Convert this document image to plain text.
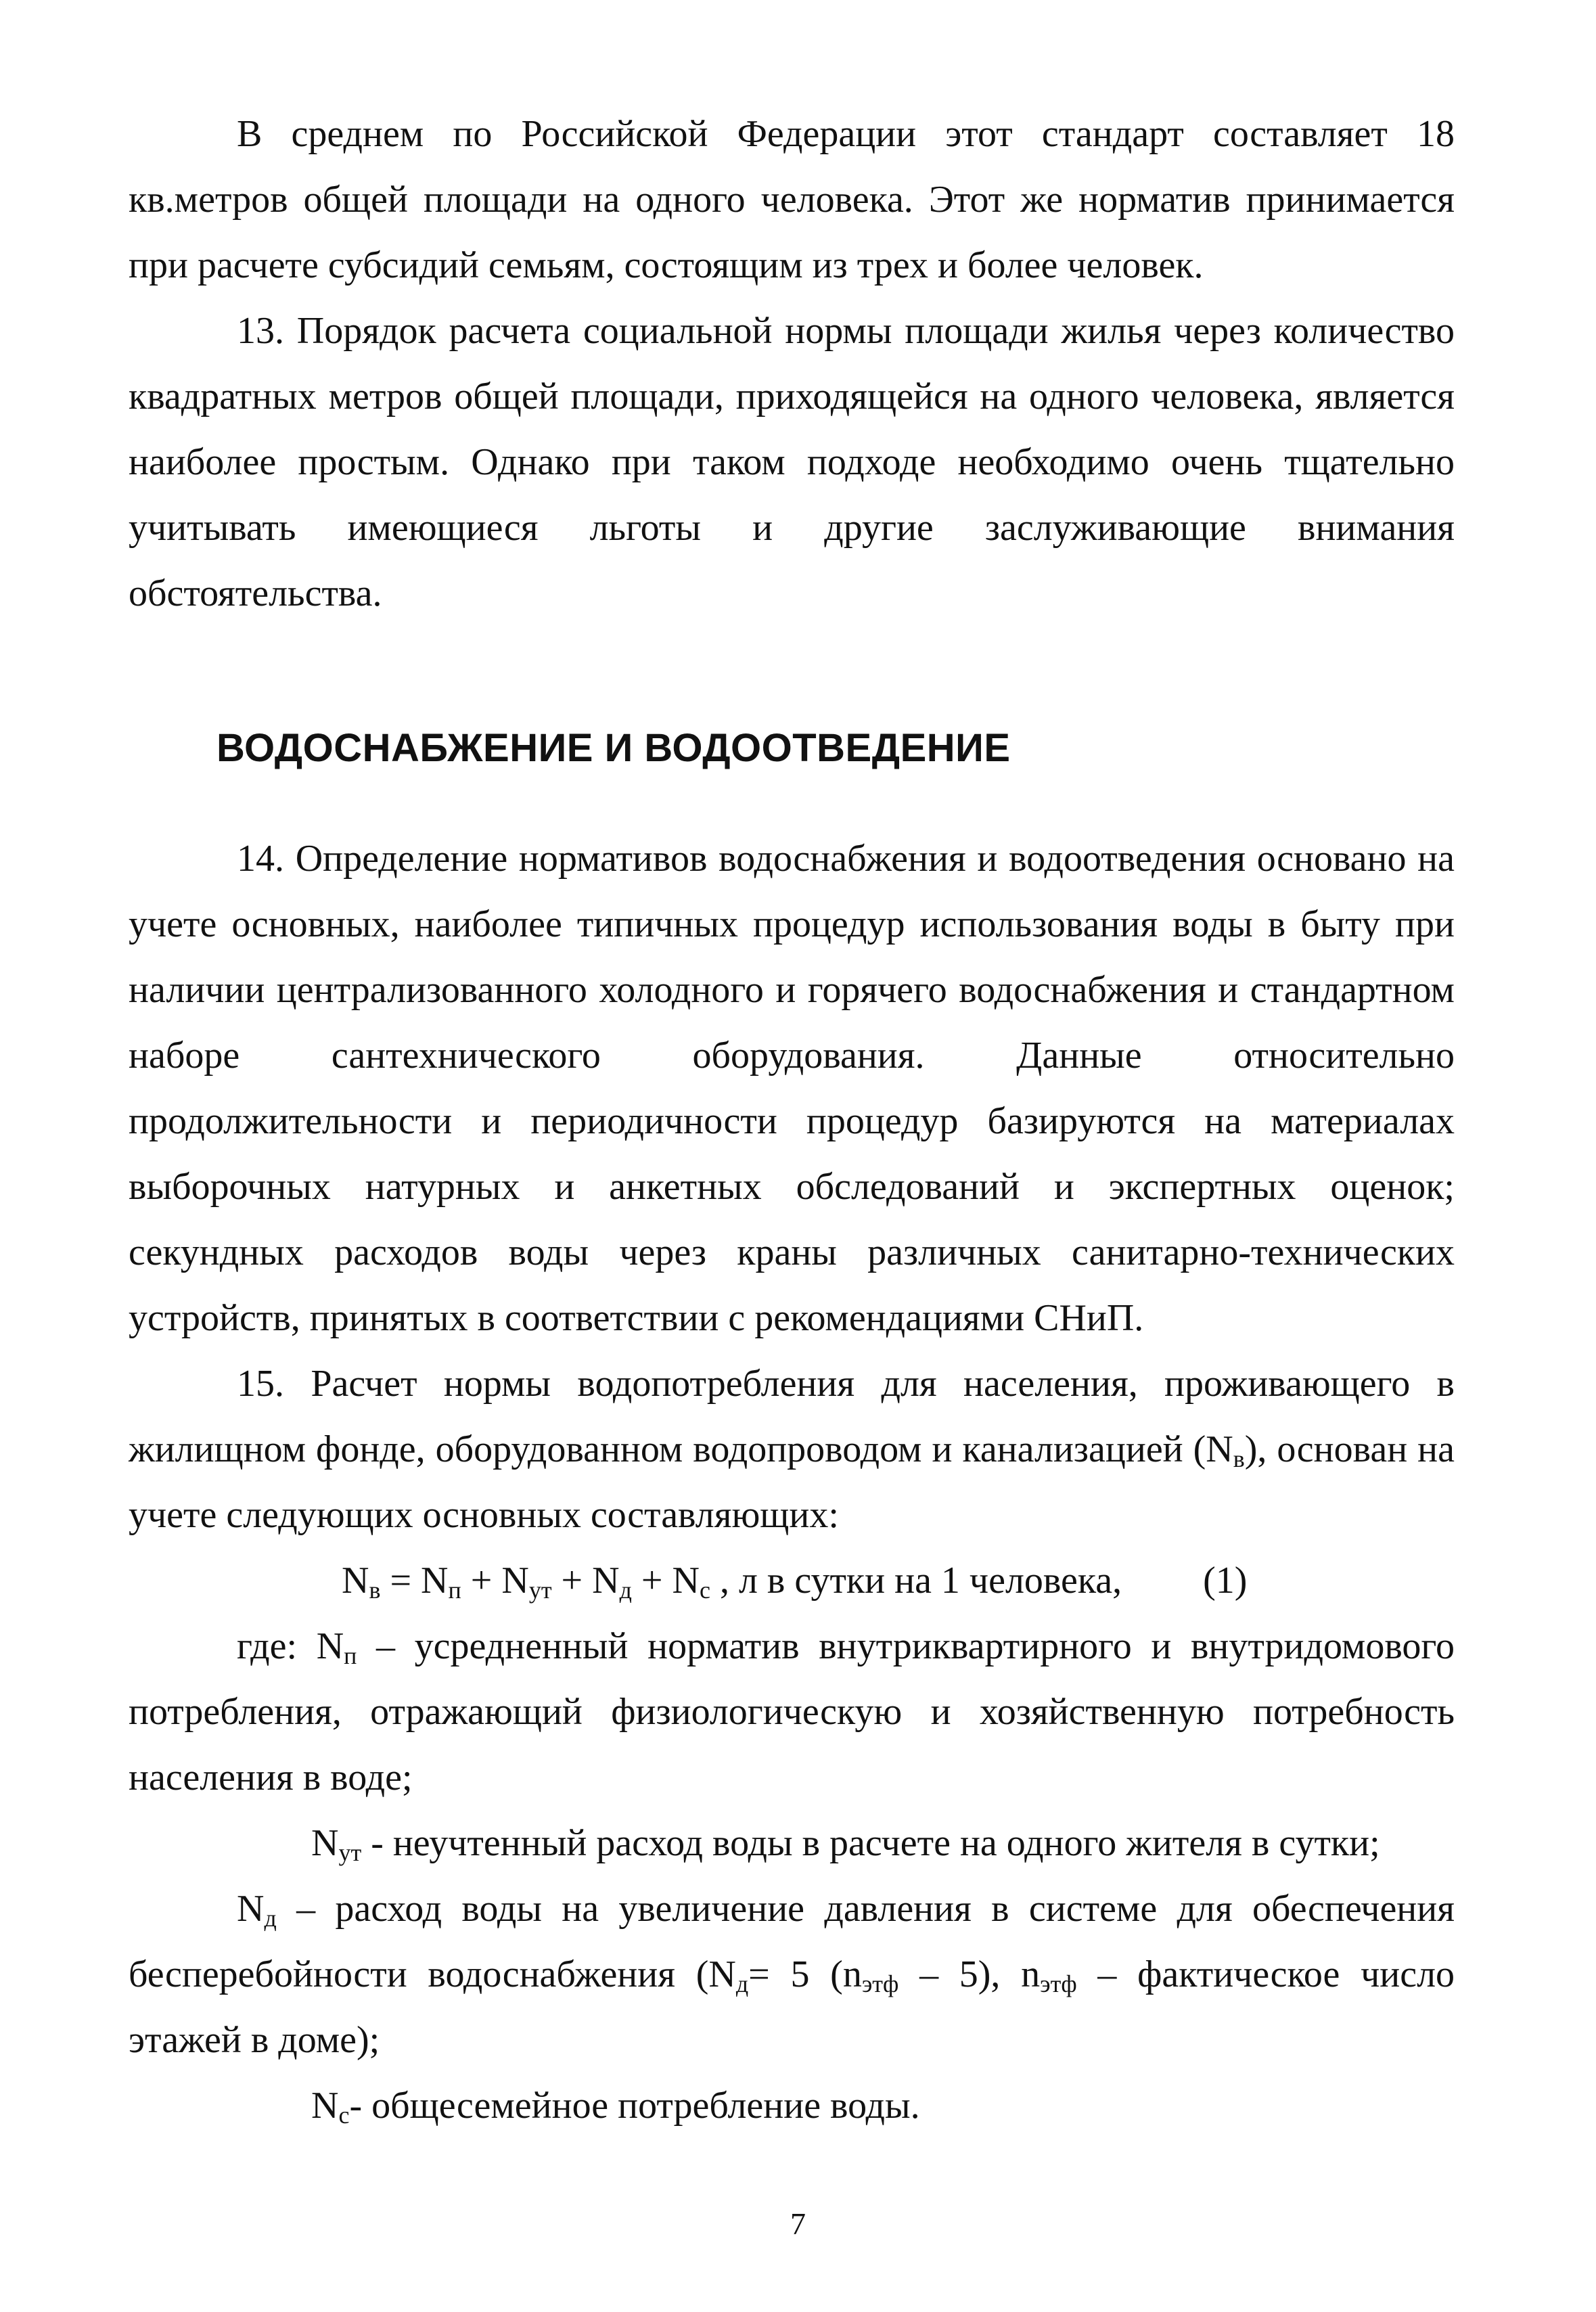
В среднем по Российской Федерации этот стандарт составляет 18 кв.метров общей площади на одного человека. Этот же норматив принимается при расчете субсидий семьям, состоящим из трех и более человек.

13. Порядок расчета социальной нормы площади жилья через количество квадратных метров общей площади, приходящейся на одного человека, является наиболее простым. Однако при таком подходе необходимо очень тщательно учитывать имеющиеся льготы и другие заслуживающие внимания обстоятельства.

ВОДОСНАБЖЕНИЕ И ВОДООТВЕДЕНИЕ

14. Определение нормативов водоснабжения и водоотведения основано на учете основных, наиболее типичных процедур использования воды в быту при наличии централизованного холодного и горячего водоснабжения и стандартном наборе сантехнического оборудования. Данные относительно продолжительности и периодичности процедур базируются на материалах выборочных натурных и анкетных обследований и экспертных оценок; секундных расходов воды через краны различных санитарно-технических устройств, принятых в соответствии с рекомендациями СНиП.

15. Расчет нормы водопотребления для населения, проживающего в жилищном фонде, оборудованном водопроводом и канализацией $(N_в)$, основан на учете следующих основных составляющих:

$N_в = N_п + N_{ут} + N_д + N_с$ , л в сутки на 1 человека, (1)

где: $N_п$ – усредненный норматив внутриквартирного и внутридомового потребления, отражающий физиологическую и хозяйственную потребность населения в воде;

$N_{ут}$ - неучтенный расход воды в расчете на одного жителя в сутки;

$N_д$ – расход воды на увеличение давления в системе для обеспечения бесперебойности водоснабжения ($N_д= 5$ $(n_{этф} - 5)$, $n_{этф}$ – фактическое число этажей в доме);

$N_с-$ общесемейное потребление воды.

7
